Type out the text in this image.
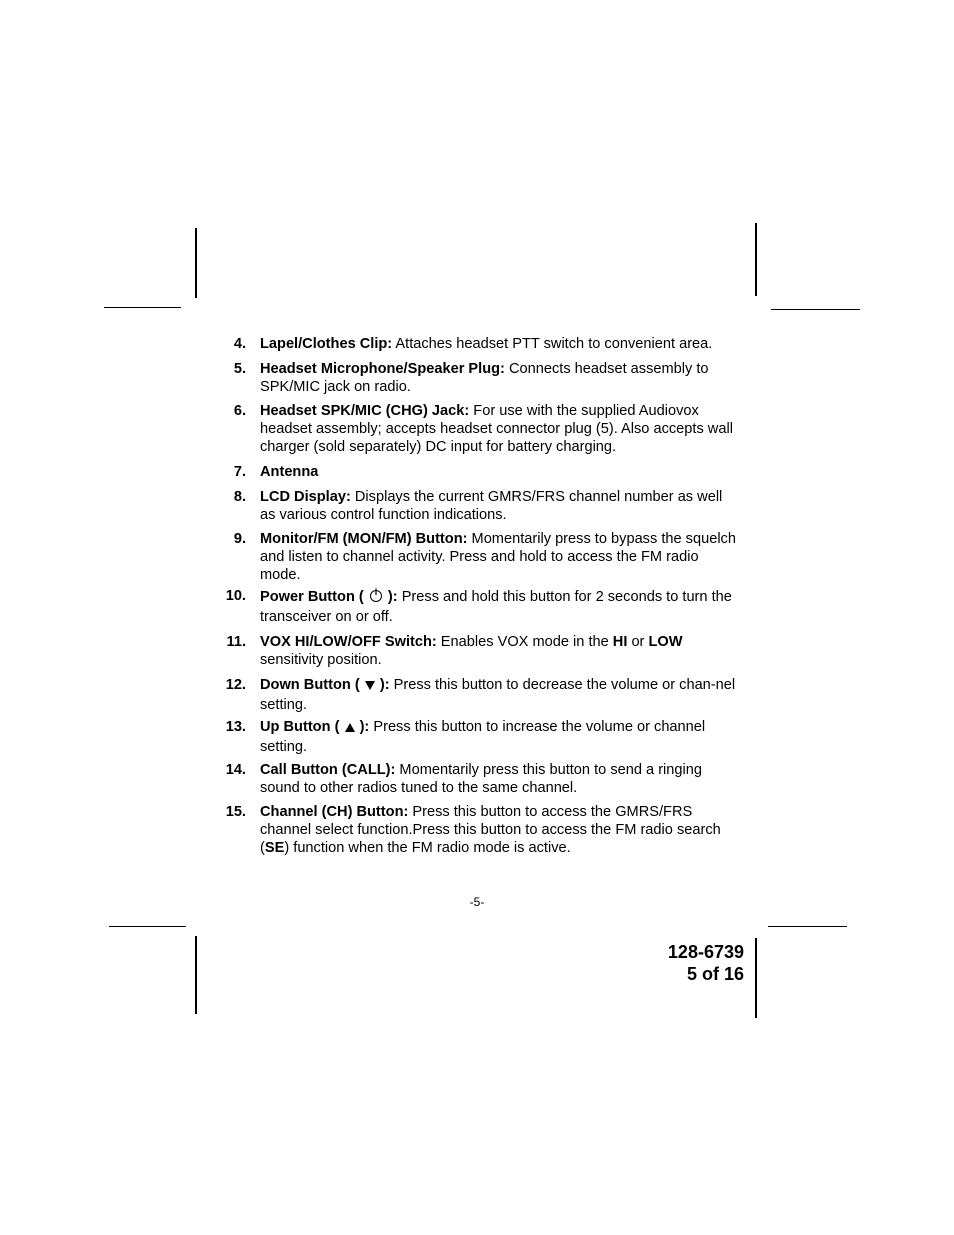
4. Lapel/Clothes Clip: Attaches headset PTT switch to convenient area.
5. Headset Microphone/Speaker Plug: Connects headset assembly to SPK/MIC jack on radio.
6. Headset SPK/MIC (CHG) Jack: For use with the supplied Audiovox headset assembly; accepts headset connector plug (5). Also accepts wall charger (sold separately) DC input for battery charging.
7. Antenna
8. LCD Display: Displays the current GMRS/FRS channel number as well as various control function indications.
9. Monitor/FM (MON/FM) Button: Momentarily press to bypass the squelch and listen to channel activity. Press and hold to access the FM radio mode.
10. Power Button ( ): Press and hold this button for 2 seconds to turn the transceiver on or off.
11. VOX HI/LOW/OFF Switch: Enables VOX mode in the HI or LOW sensitivity position.
12. Down Button ( ): Press this button to decrease the volume or chan-nel setting.
13. Up Button ( ): Press this button to increase the volume or channel setting.
14. Call Button (CALL): Momentarily press this button to send a ringing sound to other radios tuned to the same channel.
15. Channel (CH) Button: Press this button to access the GMRS/FRS channel select function.Press this button to access the FM radio search (SE) function when the FM radio mode is active.
-5-
128-6739
5 of 16
